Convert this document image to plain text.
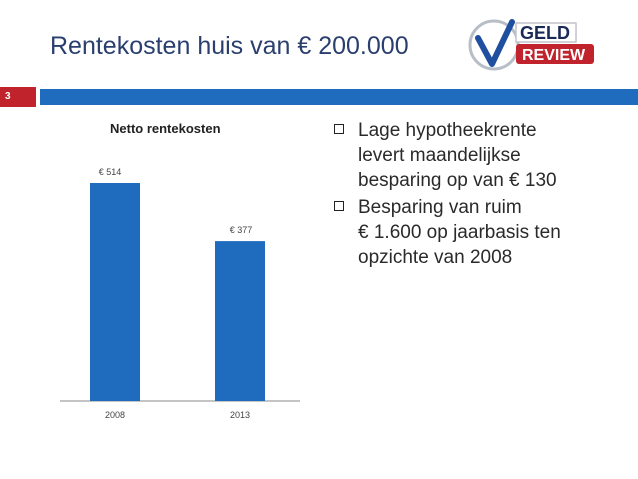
Rentekosten huis van € 200.000	GELD
REVIEW
3
Netto rentekosten
€ 514
2008
€ 377
2013
Lage hypotheekrente
levert maandelijkse
besparing op van € 130
Besparing van ruim
€ 1.600 op jaarbasis ten
opzichte van 2008
